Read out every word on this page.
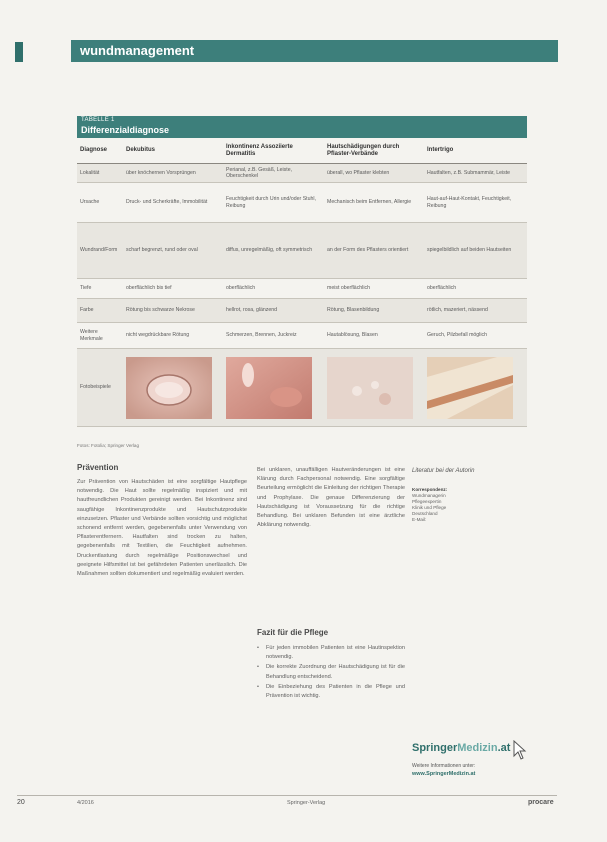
wundmanagement
TABELLE 1
Differenzialdiagnose
Diagnose	Dekubitus	Inkontinenz Assoziierte Dermatitis	Hautschädigungen durch Pflaster-Verbände	Intertrigo
Lokalität	über knöchernen Vorsprüngen	Perianal, z.B. Gesäß, Leiste, Oberschenkel	überall, wo Pflaster klebten	Hautfalten, z.B. Submammär, Leiste
Ursache	Druck- und Scherkräfte, Immobilität	Feuchtigkeit durch Urin und/oder Stuhl, Reibung	Mechanisch beim Entfernen, Allergie	Haut-auf-Haut-Kontakt, Feuchtigkeit, Reibung
Wundrand/Form	scharf begrenzt, rund oder oval	diffus, unregelmäßig, oft symmetrisch	an der Form des Pflasters orientiert	spiegelbildlich auf beiden Hautseiten
Tiefe	oberflächlich bis tief	oberflächlich	meist oberflächlich	oberflächlich
Farbe	Rötung bis schwarze Nekrose	hellrot, rosa, glänzend	Rötung, Blasenbildung	rötlich, mazeriert, nässend
Weitere Merkmale	nicht wegdrückbare Rötung	Schmerzen, Brennen, Juckreiz	Hautablösung, Blasen	Geruch, Pilzbefall möglich
Fotobeispiele	

Fotos: Fotolia; Springer Verlag
Prävention
Zur Prävention von Hautschäden ist eine sorgfältige Hautpflege notwendig. Die Haut sollte regelmäßig inspiziert und mit hautfreundlichen Produkten gereinigt werden. Bei Inkontinenz sind saugfähige Inkontinenzprodukte und Hautschutzprodukte einzusetzen. Pflaster und Verbände sollten vorsichtig und möglichst schonend entfernt werden, gegebenenfalls unter Verwendung von Pflasterentfernern. Hautfalten sind trocken zu halten, gegebenenfalls mit Textilien, die Feuchtigkeit aufnehmen. Druckentlastung durch regelmäßige Positionswechsel und geeignete Hilfsmittel ist bei gefährdeten Patienten unerlässlich. Die Maßnahmen sollten dokumentiert und regelmäßig evaluiert werden.
Bei unklaren, unauffälligen Hautveränderungen ist eine Klärung durch Fachpersonal notwendig. Eine sorgfältige Beurteilung ermöglicht die Einleitung der richtigen Therapie und Prophylaxe. Die genaue Differenzierung der Hautschädigung ist Voraussetzung für die richtige Behandlung. Bei unklaren Befunden ist eine ärztliche Abklärung notwendig.
Fazit für die Pflege
• Für jeden immobilen Patienten ist eine Hautinspektion notwendig.
• Die korrekte Zuordnung der Hautschädigung ist für die Behandlung entscheidend.
• Die Einbeziehung des Patienten in die Pflege und Prävention ist wichtig.
Literatur bei der Autorin
Korrespondenz:
Wundmanagerin
Pflegeexpertin
Klinik und Pflege
Deutschland
E-Mail:
SpringerMedizin.at
Weitere Informationen unter:
www.SpringerMedizin.at
20	4/2016	Springer-Verlag	procare
